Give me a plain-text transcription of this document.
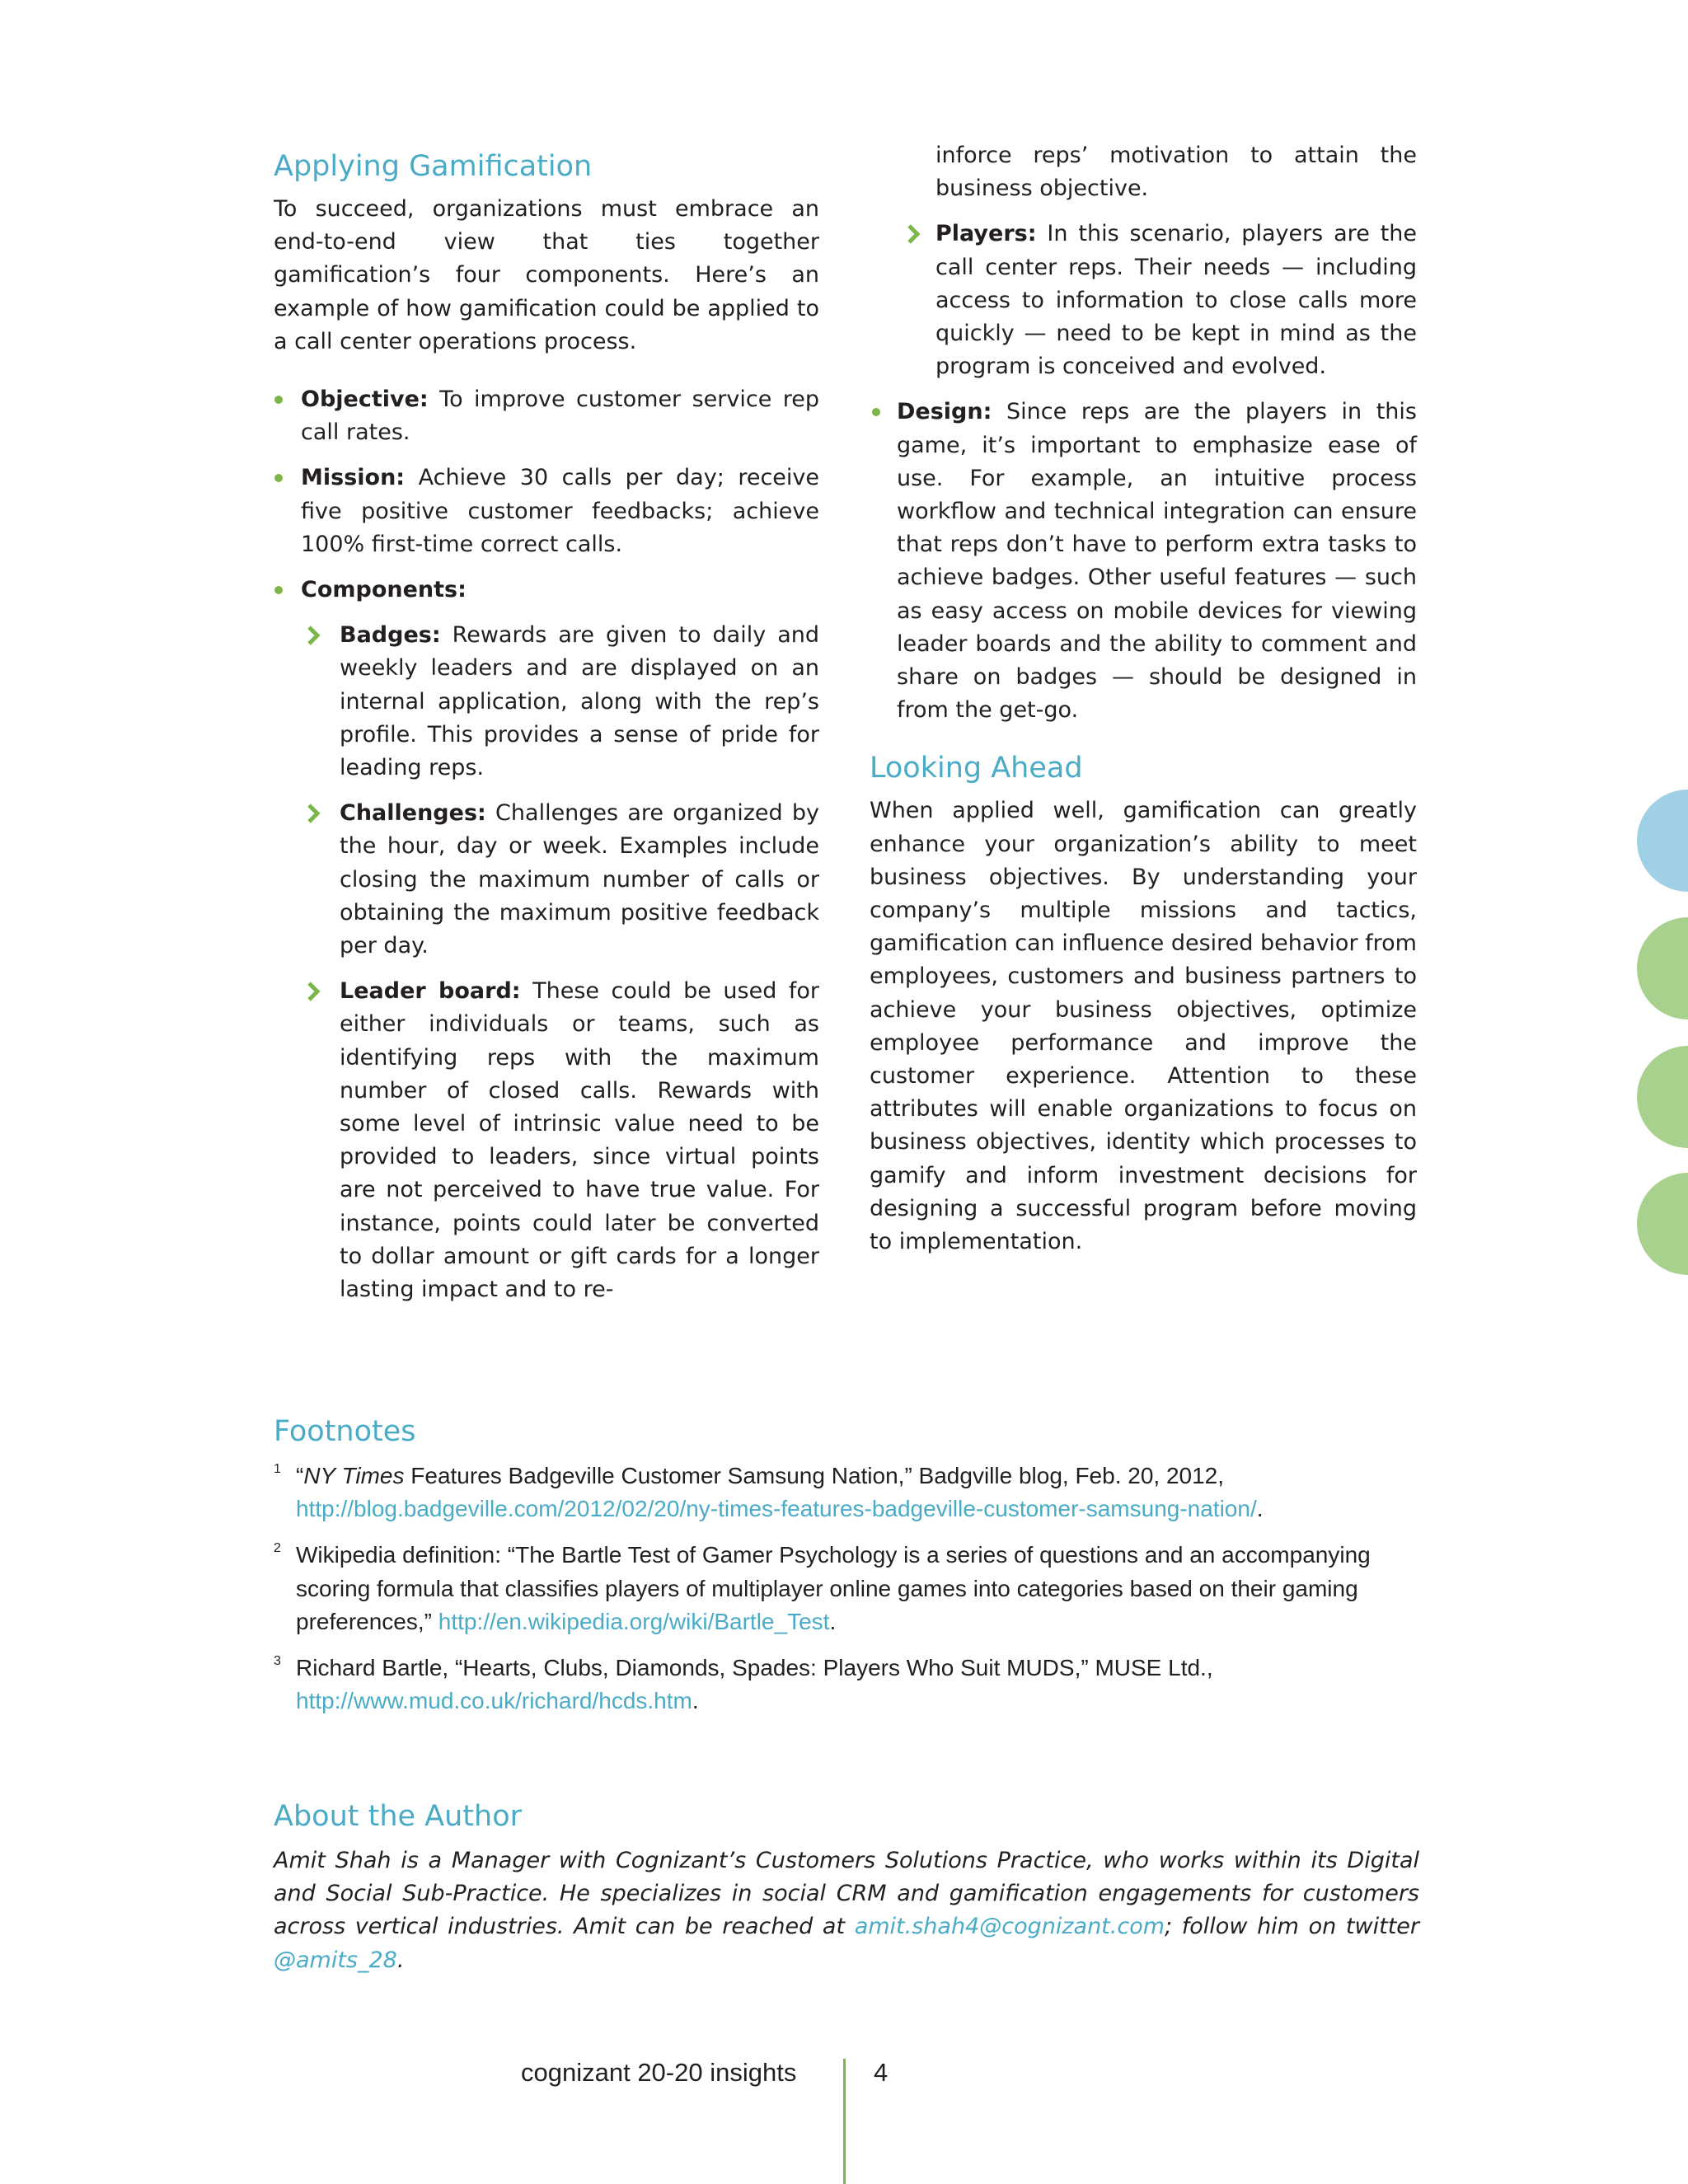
Applying Gamification

To succeed, organizations must embrace an end-to-end view that ties together gamification’s four components. Here’s an example of how gamification could be applied to a call center operations process.

Objective: To improve customer service rep call rates.
Mission: Achieve 30 calls per day; receive five positive customer feedbacks; achieve 100% first-time correct calls.
Components:
Badges: Rewards are given to daily and weekly leaders and are displayed on an internal application, along with the rep’s profile. This provides a sense of pride for leading reps.
Challenges: Challenges are organized by the hour, day or week. Examples include closing the maximum number of calls or obtaining the maximum positive feedback per day.
Leader board: These could be used for either individuals or teams, such as identifying reps with the maximum number of closed calls. Rewards with some level of intrinsic value need to be provided to leaders, since virtual points are not perceived to have true value. For instance, points could later be converted to dollar amount or gift cards for a longer lasting impact and to re-

inforce reps’ motivation to attain the business objective.

Players: In this scenario, players are the call center reps. Their needs — including access to information to close calls more quickly — need to be kept in mind as the program is conceived and evolved.
Design: Since reps are the players in this game, it’s important to emphasize ease of use. For example, an intuitive process workflow and technical integration can ensure that reps don’t have to perform extra tasks to achieve badges. Other useful features — such as easy access on mobile devices for viewing leader boards and the ability to comment and share on badges — should be designed in from the get-go.
Looking Ahead

When applied well, gamification can greatly enhance your organization’s ability to meet business objectives. By understanding your company’s multiple missions and tactics, gamification can influence desired behavior from employees, customers and business partners to achieve your business objectives, optimize employee performance and improve the customer experience. Attention to these attributes will enable organizations to focus on business objectives, identity which processes to gamify and inform investment decisions for designing a successful program before moving to implementation.

Footnotes
1 “NY Times Features Badgeville Customer Samsung Nation,” Badgville blog, Feb. 20, 2012,
http://blog.badgeville.com/2012/02/20/ny-times-features-badgeville-customer-samsung-nation/.
2 Wikipedia definition: “The Bartle Test of Gamer Psychology is a series of questions and an accompanying scoring formula that classifies players of multiplayer online games into categories based on their gaming preferences,” http://en.wikipedia.org/wiki/Bartle_Test.
3 Richard Bartle, “Hearts, Clubs, Diamonds, Spades: Players Who Suit MUDS,” MUSE Ltd.,
http://www.mud.co.uk/richard/hcds.htm.
About the Author

Amit Shah is a Manager with Cognizant’s Customers Solutions Practice, who works within its Digital and Social Sub-Practice. He specializes in social CRM and gamification engagements for customers across vertical industries. Amit can be reached at amit.shah4@cognizant.com; follow him on twitter @amits_28.

cognizant 20-20 insights	4
